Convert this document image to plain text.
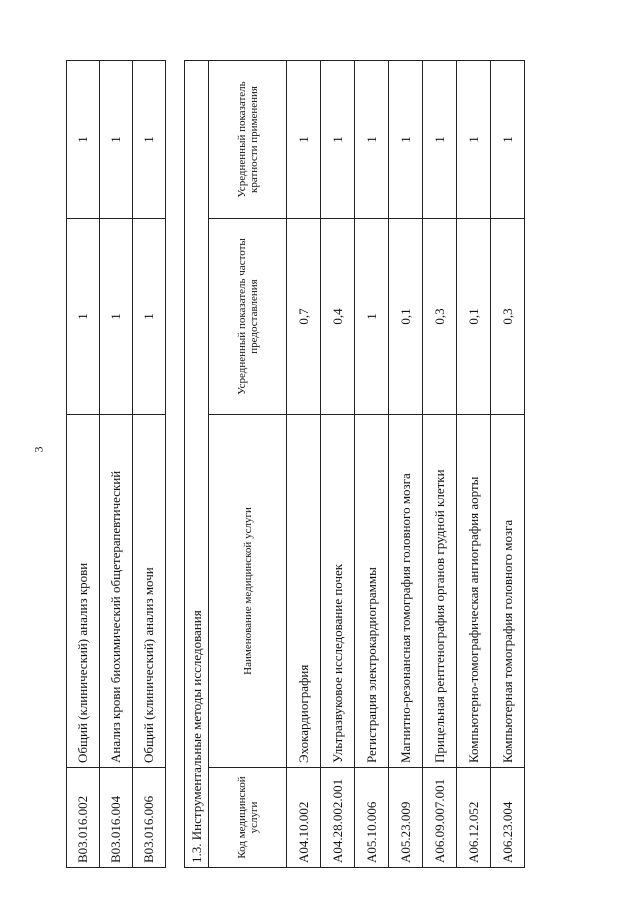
3
B03.016.002	Общий (клинический) анализ крови	1	1
B03.016.004	Анализ крови биохимический общетерапевтический	1	1
B03.016.006	Общий (клинический) анализ мочи	1	1
1.3. Инструментальные методы исследования			
Код медицинской услуги	Наименование медицинской услуги	Усредненный показатель частоты предоставления	Усредненный показатель кратности применения
A04.10.002	Эхокардиография	0,7	1
A04.28.002.001	Ультразвуковое исследование почек	0,4	1
A05.10.006	Регистрация электрокардиограммы	1	1
A05.23.009	Магнитно-резонансная томография головного мозга	0,1	1
A06.09.007.001	Прицельная рентгенография органов грудной клетки	0,3	1
A06.12.052	Компьютерно-томографическая ангиография аорты	0,1	1
A06.23.004	Компьютерная томография головного мозга	0,3	1
